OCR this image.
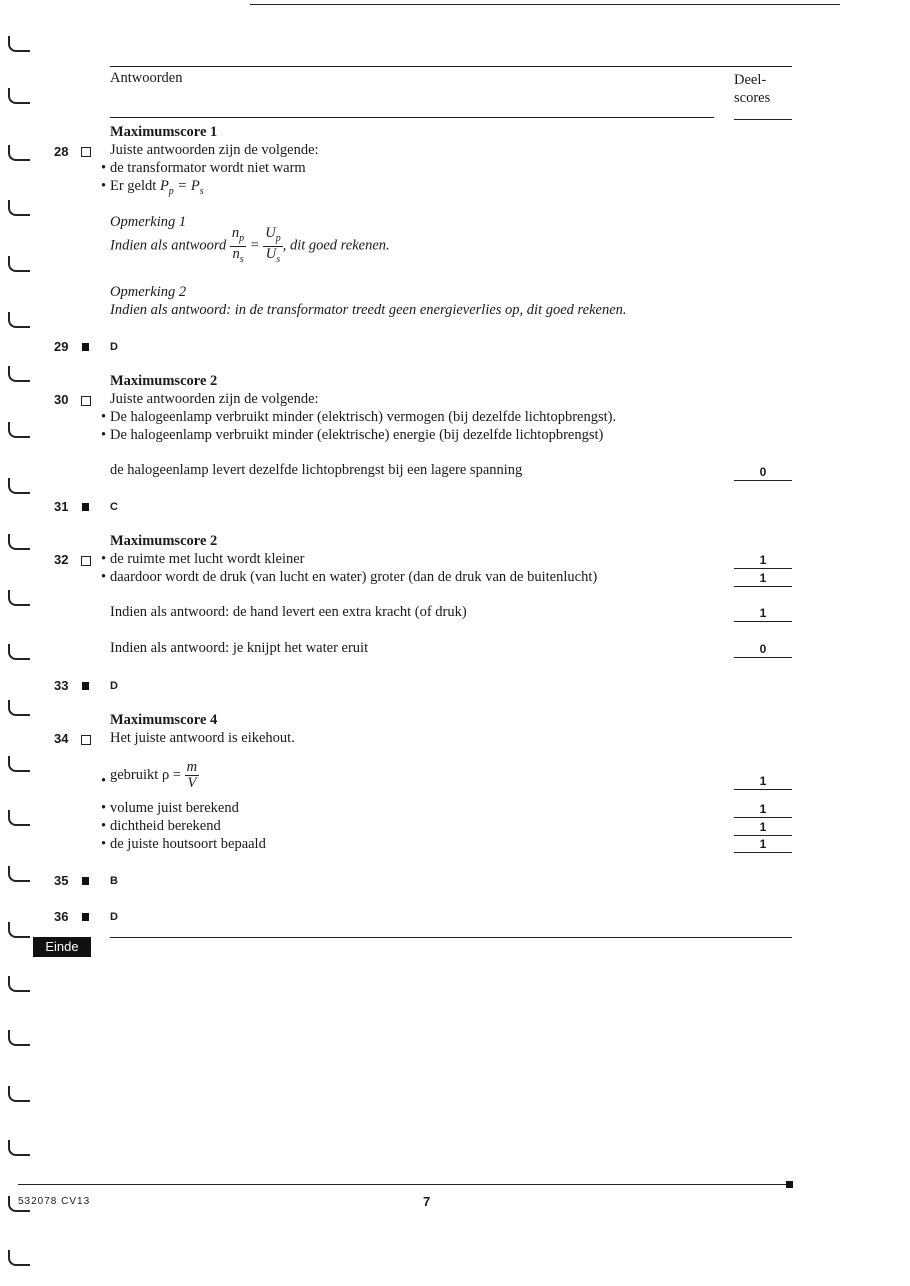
Antwoorden	Deel-
scores
Maximumscore 1
28	Juiste antwoorden zijn de volgende:
• de transformator wordt niet warm
• Er geldt $P_p = P_s$
Opmerking 1
Indien als antwoord $\frac{n_p}{n_s} = \frac{U_p}{U_s}$ , dit goed rekenen.
Opmerking 2
Indien als antwoord: in de transformator treedt geen energieverlies op, dit goed rekenen.
29	D
Maximumscore 2
30	Juiste antwoorden zijn de volgende:
• De halogeenlamp verbruikt minder (elektrisch) vermogen (bij dezelfde lichtopbrengst).
• De halogeenlamp verbruikt minder (elektrische) energie (bij dezelfde lichtopbrengst)
de halogeenlamp levert dezelfde lichtopbrengst bij een lagere spanning	0
31	C
Maximumscore 2
32 • de ruimte met lucht wordt kleiner	1
• daardoor wordt de druk (van lucht en water) groter (dan de druk van de buitenlucht)	1
Indien als antwoord: de hand levert een extra kracht (of druk)	1
Indien als antwoord: je knijpt het water eruit	0
33	D
Maximumscore 4
34	Het juiste antwoord is eikehout.
• gebruikt $\rho = \frac{m}{V}$	1
• volume juist berekend	1
• dichtheid berekend	1
• de juiste houtsoort bepaald	1
35	B
36	D
Einde
532078 CV13	7
